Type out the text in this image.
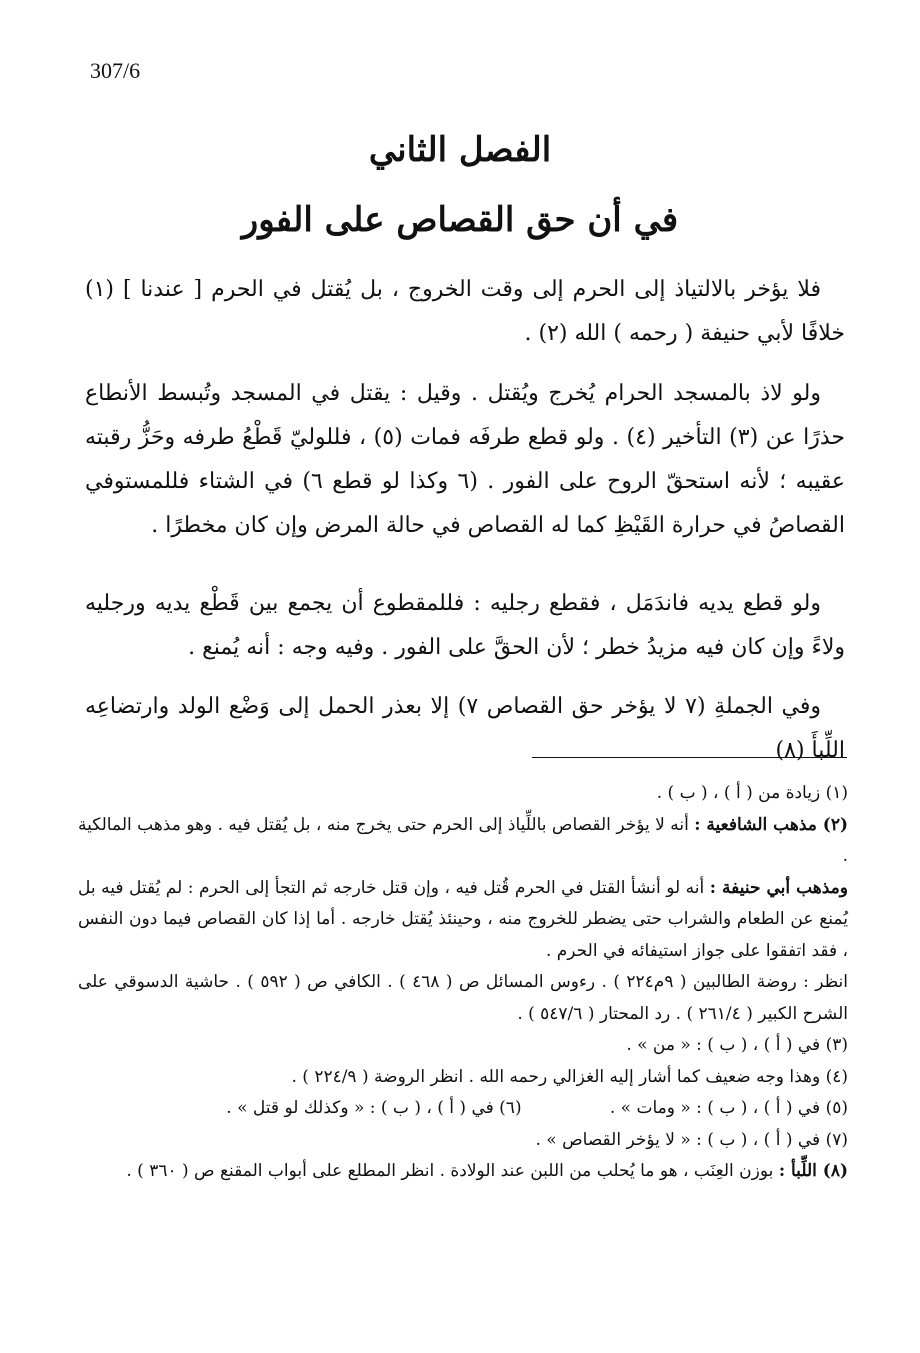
307/6
الفصل الثاني
في أن حق القصاص على الفور

فلا يؤخر بالالتياذ إلى الحرم إلى وقت الخروج ، بل يُقتل في الحرم [ عندنا ] (١) خلافًا لأبي حنيفة ( رحمه ) الله (٢) .

ولو لاذ بالمسجد الحرام يُخرج ويُقتل . وقيل : يقتل في المسجد وتُبسط الأنطاع حذرًا عن (٣) التأخير (٤) . ولو قطع طرفَه فمات (٥) ، فللوليّ قَطْعُ طرفه وحَزُّ رقبته عقيبه ؛ لأنه استحقّ الروح على الفور . (٦ وكذا لو قطع ٦) في الشتاء فللمستوفي القصاصُ في حرارة القَيْظِ كما له القصاص في حالة المرض وإن كان مخطرًا .

ولو قطع يديه فاندَمَل ، فقطع رجليه : فللمقطوع أن يجمع بين قَطْع يديه ورجليه ولاءً وإن كان فيه مزيدُ خطر ؛ لأن الحقَّ على الفور . وفيه وجه : أنه يُمنع .

وفي الجملةِ (٧ لا يؤخر حق القصاص ٧) إلا بعذر الحمل إلى وَضْع الولد وارتضاعِه اللِّبأَ (٨)

(١) زيادة من ( أ ) ، ( ب ) .

(٢) مذهب الشافعية : أنه لا يؤخر القصاص باللِّياذ إلى الحرم حتى يخرج منه ، بل يُقتل فيه . وهو مذهب المالكية .

ومذهب أبي حنيفة : أنه لو أنشأ القتل في الحرم قُتل فيه ، وإن قتل خارجه ثم التجأ إلى الحرم : لم يُقتل فيه بل يُمنع عن الطعام والشراب حتى يضطر للخروج منه ، وحينئذ يُقتل خارجه . أما إذا كان القصاص فيما دون النفس ، فقد اتفقوا على جواز استيفائه في الحرم .

انظر : روضة الطالبين ( ٩م٢٢٤ ) . رءوس المسائل ص ( ٤٦٨ ) . الكافي ص ( ٥٩٢ ) . حاشية الدسوقي على الشرح الكبير ( ٢٦١/٤ ) . رد المحتار ( ٥٤٧/٦ ) .

(٣) في ( أ ) ، ( ب ) : « من » .

(٤) وهذا وجه ضعيف كما أشار إليه الغزالي رحمه الله . انظر الروضة ( ٢٢٤/٩ ) .

(٥) في ( أ ) ، ( ب ) : « ومات » .
(٦) في ( أ ) ، ( ب ) : « وكذلك لو قتل » .

(٧) في ( أ ) ، ( ب ) : « لا يؤخر القصاص » .

(٨) اللِّبأ : بوزن العِنَب ، هو ما يُحلب من اللبن عند الولادة . انظر المطلع على أبواب المقنع ص ( ٣٦٠ ) .
